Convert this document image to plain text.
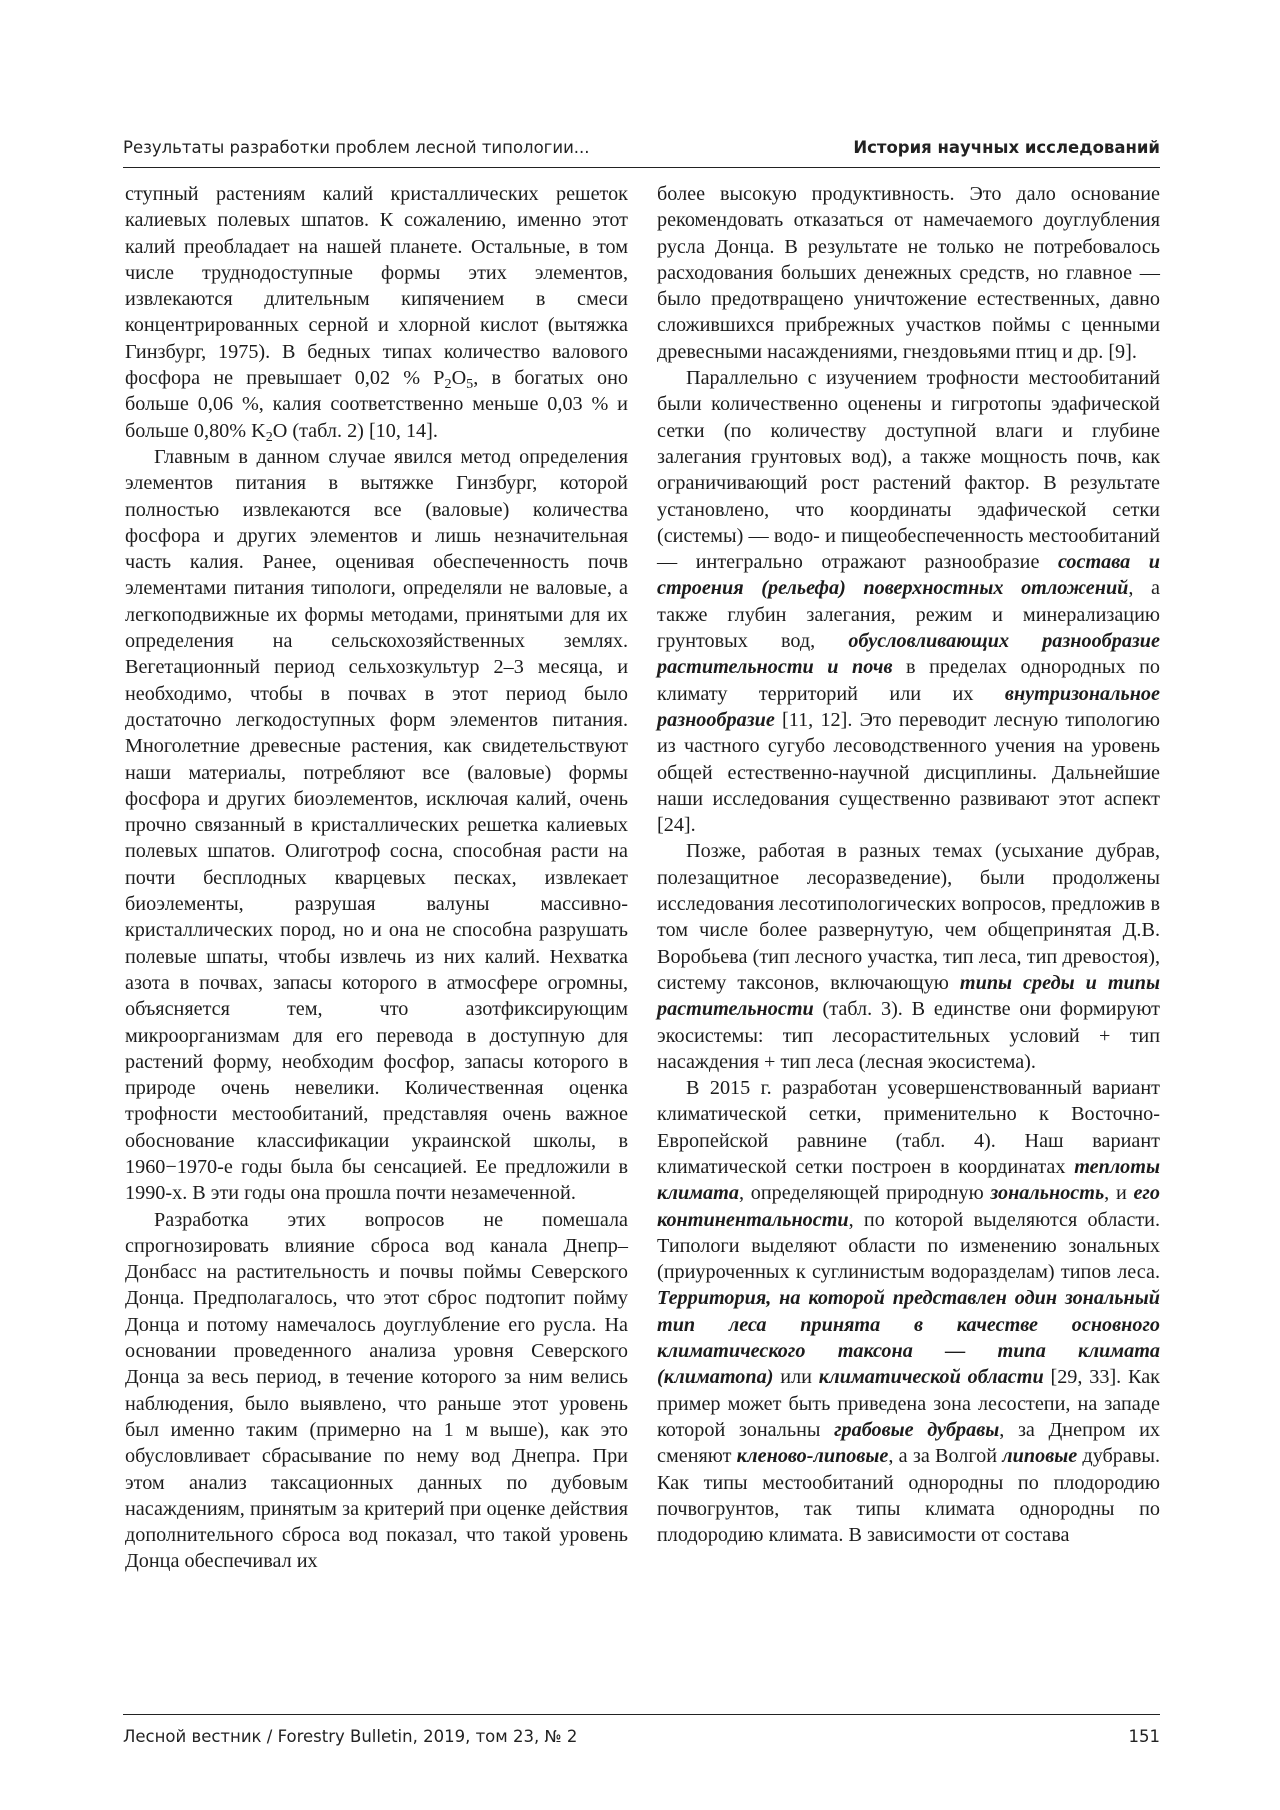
Результаты разработки проблем лесной типологии...	История научных исследований

ступный растениям калий кристаллических решеток калиевых полевых шпатов. К сожалению, именно этот калий преобладает на нашей планете. Остальные, в том числе труднодоступные формы этих элементов, извлекаются длительным кипячением в смеси концентрированных серной и хлорной кислот (вытяжка Гинзбург, 1975). В бедных типах количество валового фосфора не превышает 0,02 % $P_2O_5$, в богатых оно больше 0,06 %, калия соответственно меньше 0,03 % и больше 0,80% $K_2O$ (табл. 2) [10, 14].

Главным в данном случае явился метод определения элементов питания в вытяжке Гинзбург, которой полностью извлекаются все (валовые) количества фосфора и других элементов и лишь незначительная часть калия. Ранее, оценивая обеспеченность почв элементами питания типологи, определяли не валовые, а легкоподвижные их формы методами, принятыми для их определения на сельскохозяйственных землях. Вегетационный период сельхозкультур 2–3 месяца, и необходимо, чтобы в почвах в этот период было достаточно легкодоступных форм элементов питания. Многолетние древесные растения, как свидетельствуют наши материалы, потребляют все (валовые) формы фосфора и других биоэлементов, исключая калий, очень прочно связанный в кристаллических решетка калиевых полевых шпатов. Олиготроф сосна, способная расти на почти бесплодных кварцевых песках, извлекает биоэлементы, разрушая валуны массивно-кристаллических пород, но и она не способна разрушать полевые шпаты, чтобы извлечь из них калий. Нехватка азота в почвах, запасы которого в атмосфере огромны, объясняется тем, что азотфиксирующим микроорганизмам для его перевода в доступную для растений форму, необходим фосфор, запасы которого в природе очень невелики. Количественная оценка трофности местообитаний, представляя очень важное обоснование классификации украинской школы, в 1960−1970-е годы была бы сенсацией. Ее предложили в 1990-х. В эти годы она прошла почти незамеченной.

Разработка этих вопросов не помешала спрогнозировать влияние сброса вод канала Днепр–Донбасс на растительность и почвы поймы Северского Донца. Предполагалось, что этот сброс подтопит пойму Донца и потому намечалось доуглубление его русла. На основании проведенного анализа уровня Северского Донца за весь период, в течение которого за ним велись наблюдения, было выявлено, что раньше этот уровень был именно таким (примерно на 1 м выше), как это обусловливает сбрасывание по нему вод Днепра. При этом анализ таксационных данных по дубовым насаждениям, принятым за критерий при оценке действия дополнительного сброса вод показал, что такой уровень Донца обеспечивал их

более высокую продуктивность. Это дало основание рекомендовать отказаться от намечаемого доуглубления русла Донца. В результате не только не потребовалось расходования больших денежных средств, но главное — было предотвращено уничтожение естественных, давно сложившихся прибрежных участков поймы с ценными древесными насаждениями, гнездовьями птиц и др. [9].

Параллельно с изучением трофности местообитаний были количественно оценены и гигротопы эдафической сетки (по количеству доступной влаги и глубине залегания грунтовых вод), а также мощность почв, как ограничивающий рост растений фактор. В результате установлено, что координаты эдафической сетки (системы) — водо- и пищеобеспеченность местообитаний — интегрально отражают разнообразие состава и строения (рельефа) поверхностных отложений, а также глубин залегания, режим и минерализацию грунтовых вод, обусловливающих разнообразие растительности и почв в пределах однородных по климату территорий или их внутризональное разнообразие [11, 12]. Это переводит лесную типологию из частного сугубо лесоводственного учения на уровень общей естественно-научной дисциплины. Дальнейшие наши исследования существенно развивают этот аспект [24].

Позже, работая в разных темах (усыхание дубрав, полезащитное лесоразведение), были продолжены исследования лесотипологических вопросов, предложив в том числе более развернутую, чем общепринятая Д.В. Воробьева (тип лесного участка, тип леса, тип древостоя), систему таксонов, включающую типы среды и типы растительности (табл. 3). В единстве они формируют экосистемы: тип лесорастительных условий + тип насаждения + тип леса (лесная экосистема).

В 2015 г. разработан усовершенствованный вариант климатической сетки, применительно к Восточно-Европейской равнине (табл. 4). Наш вариант климатической сетки построен в координатах теплоты климата, определяющей природную зональность, и его континентальности, по которой выделяются области. Типологи выделяют области по изменению зональных (приуроченных к суглинистым водоразделам) типов леса. Территория, на которой представлен один зональный тип леса принята в качестве основного климатического таксона — типа климата (климатопа) или климатической области [29, 33]. Как пример может быть приведена зона лесостепи, на западе которой зональны грабовые дубравы, за Днепром их сменяют кленово-липовые, а за Волгой липовые дубравы. Как типы местообитаний однородны по плодородию почвогрунтов, так типы климата однородны по плодородию климата. В зависимости от состава

Лесной вестник / Forestry Bulletin, 2019, том 23, № 2	151
